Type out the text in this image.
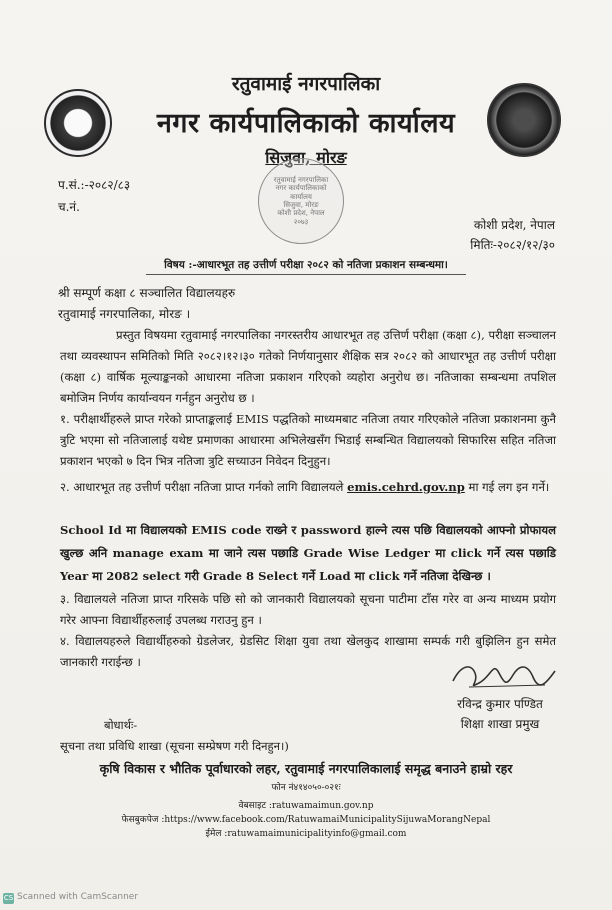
रतुवामाई नगरपालिका
नगर कार्यपालिकाको कार्यालय
सिजुवा, मोरङ
रतुवामाई नगरपालिका
नगर कार्यपालिकाको
कार्यालय
सिजुवा, मोरङ
कोशी प्रदेश, नेपाल
२०७३
प.सं.:-२०८२/८३
च.नं.
कोशी प्रदेश, नेपाल
मितिः-२०८२/१२/३०
विषय :-आधारभूत तह उत्तीर्ण परीक्षा २०८२ को नतिजा प्रकाशन सम्बन्धमा।
श्री सम्पूर्ण कक्षा ८ सञ्चालित विद्यालयहरु
रतुवामाई नगरपालिका, मोरङ ।
प्रस्तुत विषयमा रतुवामाई नगरपालिका नगरस्तरीय आधारभूत तह उत्तिर्ण परीक्षा (कक्षा ८), परीक्षा सञ्चालन तथा व्यवस्थापन समितिको मिति २०८२।१२।३० गतेको निर्णयानुसार शैक्षिक सत्र २०८२ को आधारभूत तह उत्तीर्ण परीक्षा (कक्षा ८) वार्षिक मूल्याङ्कनको आधारमा नतिजा प्रकाशन गरिएको व्यहोरा अनुरोध छ। नतिजाका सम्बन्धमा तपशिल बमोजिम निर्णय कार्यान्वयन गर्नहुन अनुरोध छ ।
१. परीक्षार्थीहरुले प्राप्त गरेको प्राप्ताङ्कलाई EMIS पद्धतिको माध्यमबाट नतिजा तयार गरिएकोले नतिजा प्रकाशनमा कुनै त्रुटि भएमा सो नतिजालाई यथेष्ट प्रमाणका आधारमा अभिलेखसँग भिडाई सम्बन्धित विद्यालयको सिफारिस सहित नतिजा प्रकाशन भएको ७ दिन भित्र नतिजा त्रुटि सच्याउन निवेदन दिनुहुन।
२. आधारभूत तह उत्तीर्ण परीक्षा नतिजा प्राप्त गर्नको लागि विद्यालयले emis.cehrd.gov.np मा गई लग इन गर्ने।
School Id मा विद्यालयको EMIS code राख्ने र password हाल्ने त्यस पछि विद्यालयको आफ्नो प्रोफायल खुल्छ अनि manage exam मा जाने त्यस पछाडि Grade Wise Ledger मा click गर्ने त्यस पछाडि Year मा 2082 select गरी Grade 8 Select गर्ने Load मा click गर्ने नतिजा देखिन्छ ।
३. विद्यालयले नतिजा प्राप्त गरिसके पछि सो को जानकारी विद्यालयको सूचना पाटीमा टाँस गरेर वा अन्य माध्यम प्रयोग गरेर आफ्ना विद्यार्थीहरुलाई उपलब्ध गराउनु हुन ।
४. विद्यालयहरुले विद्यार्थीहरुको ग्रेडलेजर, ग्रेडसिट शिक्षा युवा तथा खेलकुद शाखामा सम्पर्क गरी बुझिलिन हुन समेत जानकारी गराईन्छ ।
रविन्द्र कुमार पण्डित
शिक्षा शाखा प्रमुख
बोधार्थः-
सूचना तथा प्रविधि शाखा (सूचना सम्प्रेषण गरी दिनहुन।)
कृषि विकास र भौतिक पूर्वाधारको लहर, रतुवामाई नगरपालिकालाई समृद्ध बनाउने हाम्रो रहर
फोन नं४१४०५०-०२१ः
वेबसाइट :ratuwamaimun.gov.np
फेसबुकपेज :https://www.facebook.com/RatuwamaiMunicipalitySijuwaMorangNepal
ईमेल :ratuwamaimunicipalityinfo@gmail.com
CS Scanned with CamScanner
